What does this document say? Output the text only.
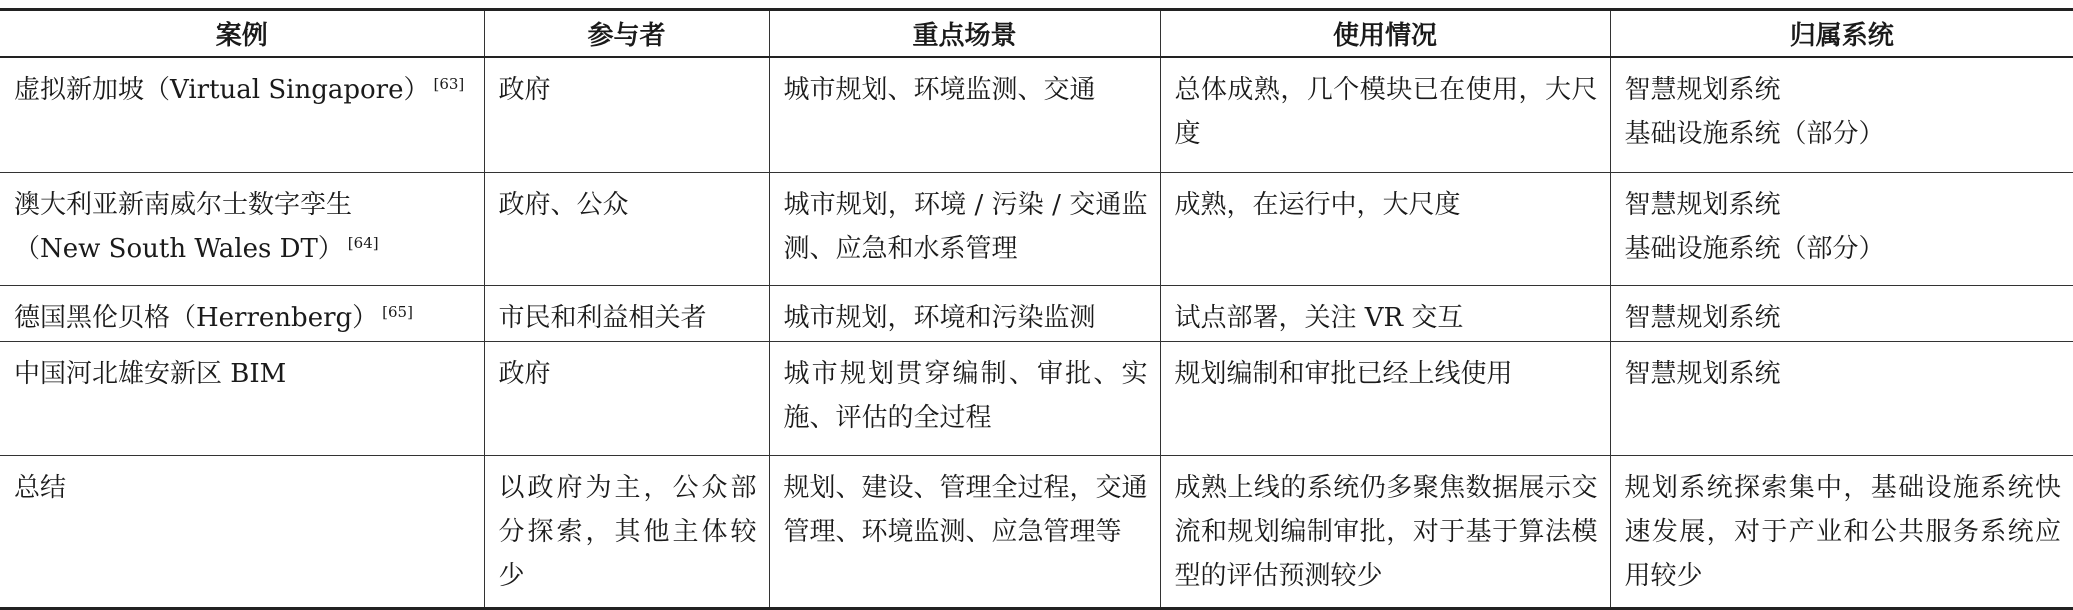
案例	参与者	重点场景	使用情况	归属系统
虚拟新加坡（Virtual Singapore） [63]	政府	城市规划、环境监测、交通	总体成熟，几个模块已在使用，大尺度	智慧规划系统
基础设施系统（部分）

澳大利亚新南威尔士数字孪生
（New South Wales DT） [64]	政府、公众	城市规划，环境 / 污染 / 交通监测、应急和水系管理	成熟，在运行中，大尺度	智慧规划系统
基础设施系统（部分）

德国黑伦贝格（Herrenberg） [65]	市民和利益相关者	城市规划，环境和污染监测	试点部署，关注 VR 交互	智慧规划系统
中国河北雄安新区 BIM	政府	城市规划贯穿编制、审批、实施、评估的全过程	规划编制和审批已经上线使用	智慧规划系统
总结	以政府为主，公众部分探索，其他主体较少	规划、建设、管理全过程，交通管理、环境监测、应急管理等	成熟上线的系统仍多聚焦数据展示交流和规划编制审批，对于基于算法模型的评估预测较少	规划系统探索集中，基础设施系统快速发展，对于产业和公共服务系统应用较少
